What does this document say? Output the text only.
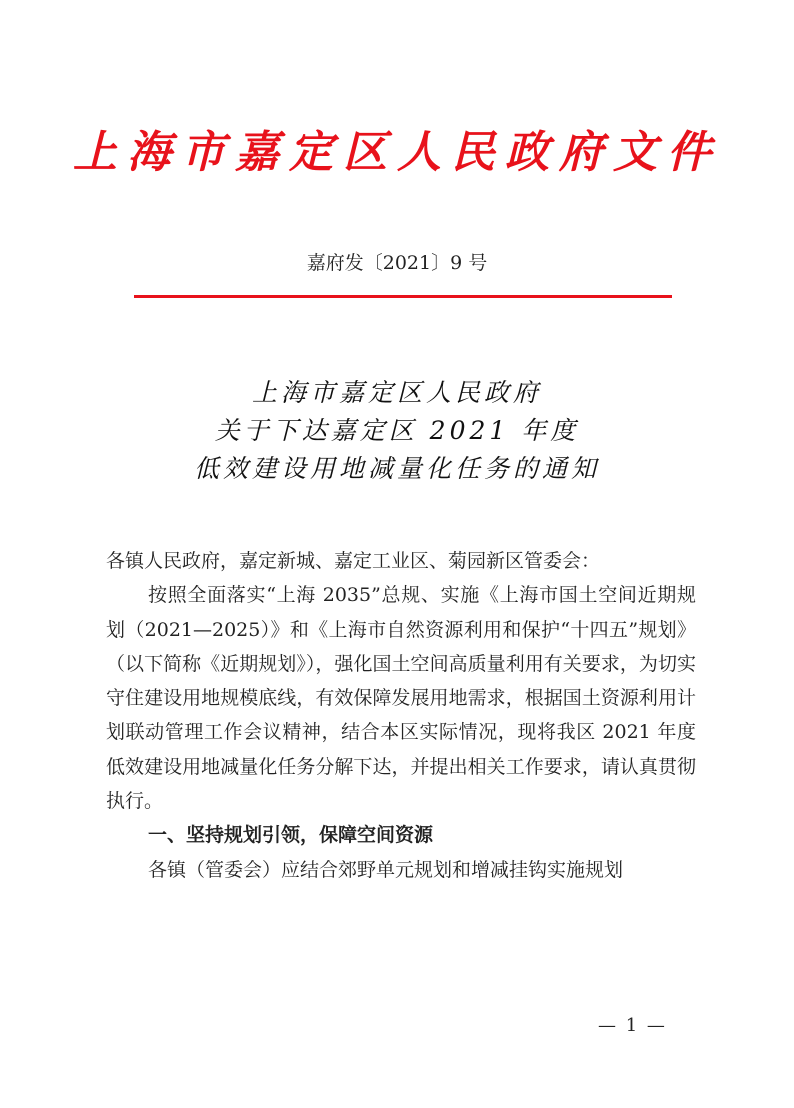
上海市嘉定区人民政府文件
嘉府发〔2021〕9 号
上海市嘉定区人民政府
关于下达嘉定区 2021 年度
低效建设用地减量化任务的通知
各镇人民政府，嘉定新城、嘉定工业区、菊园新区管委会：
按照全面落实“上海 2035”总规、实施《上海市国土空间近期规划（2021—2025）》和《上海市自然资源利用和保护“十四五”规划》（以下简称《近期规划》），强化国土空间高质量利用有关要求，为切实守住建设用地规模底线，有效保障发展用地需求，根据国土资源利用计划联动管理工作会议精神，结合本区实际情况，现将我区 2021 年度低效建设用地减量化任务分解下达，并提出相关工作要求，请认真贯彻执行。
一、坚持规划引领，保障空间资源
各镇（管委会）应结合郊野单元规划和增减挂钩实施规划
— 1 —
